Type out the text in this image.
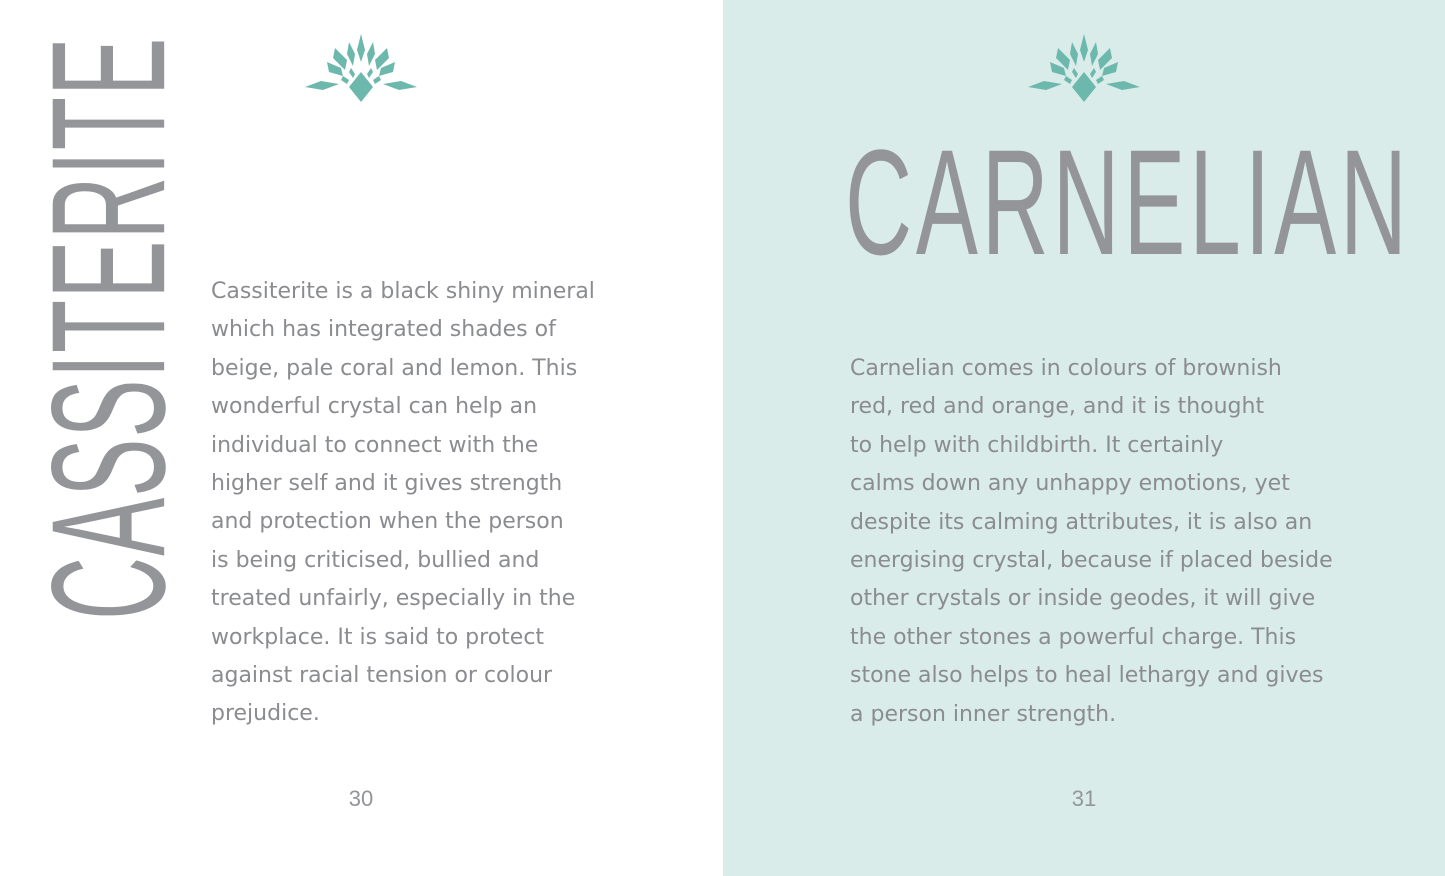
CASSITERITE Cassiterite is a black shiny mineral
which has integrated shades of
beige, pale coral and lemon. This
wonderful crystal can help an
individual to connect with the
higher self and it gives strength
and protection when the person
is being criticised, bullied and
treated unfairly, especially in the
workplace. It is said to protect
against racial tension or colour
prejudice.

30
CARNELIAN

Carnelian comes in colours of brownish
red, red and orange, and it is thought
to help with childbirth. It certainly
calms down any unhappy emotions, yet
despite its calming attributes, it is also an
energising crystal, because if placed beside
other crystals or inside geodes, it will give
the other stones a powerful charge. This
stone also helps to heal lethargy and gives
a person inner strength.

31
